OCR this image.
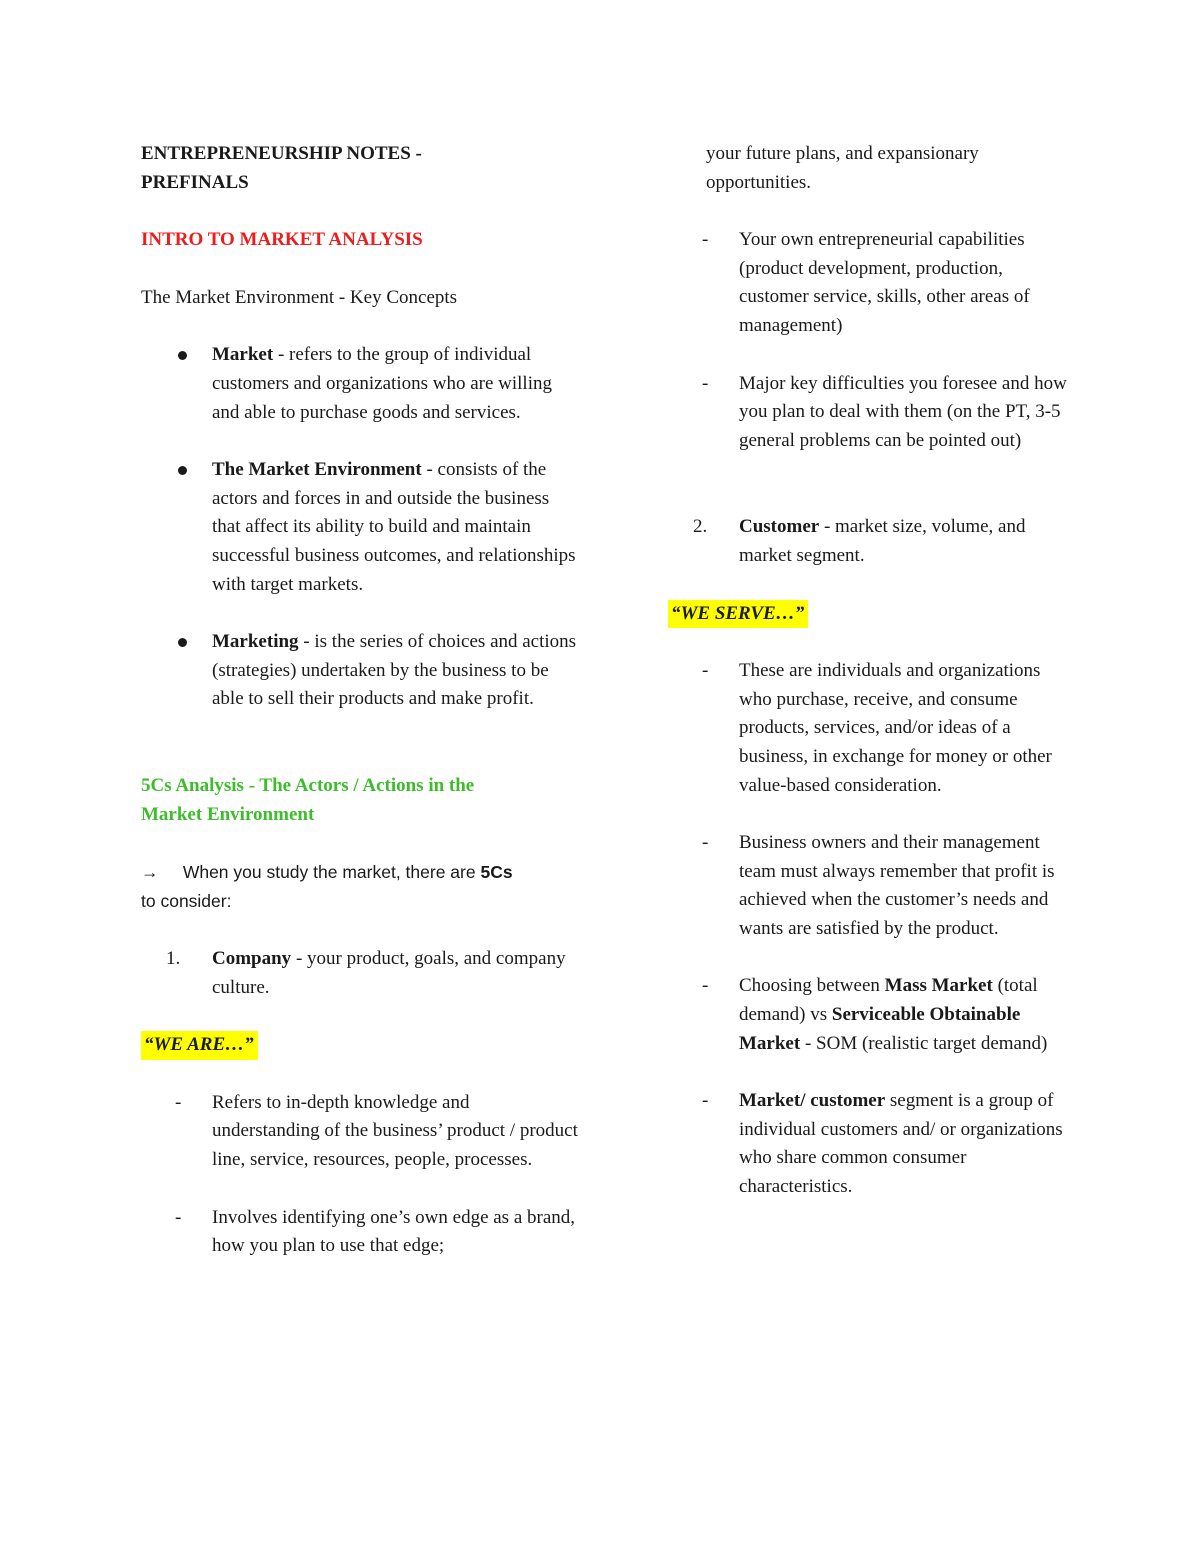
ENTREPRENEURSHIP NOTES -
PREFINALS

INTRO TO MARKET ANALYSIS

The Market Environment - Key Concepts

Market - refers to the group of individual customers and organizations who are willing and able to purchase goods and services.

The Market Environment - consists of the actors and forces in and outside the business that affect its ability to build and maintain successful business outcomes, and relationships with target markets.

Marketing - is the series of choices and actions (strategies) undertaken by the business to be able to sell their products and make profit.

5Cs Analysis - The Actors / Actions in the
Market Environment

→ When you study the market, there are 5Cs
to consider:

1.	Company - your product, goals, and company culture.

“WE ARE…”

-	Refers to in-depth knowledge and understanding of the business’ product / product line, service, resources, people, processes.

-	Involves identifying one’s own edge as a brand, how you plan to use that edge;

your future plans, and expansionary opportunities.

-	Your own entrepreneurial capabilities (product development, production, customer service, skills, other areas of management)

-	Major key difficulties you foresee and how you plan to deal with them (on the PT, 3-5 general problems can be pointed out)

2.	Customer - market size, volume, and market segment.

“WE SERVE…”

-	These are individuals and organizations who purchase, receive, and consume products, services, and/or ideas of a business, in exchange for money or other value-based consideration.

-	Business owners and their management team must always remember that profit is achieved when the customer’s needs and wants are satisfied by the product.

-	Choosing between Mass Market (total demand) vs Serviceable Obtainable Market - SOM (realistic target demand)

-	Market/ customer segment is a group of individual customers and/ or organizations who share common consumer characteristics.
